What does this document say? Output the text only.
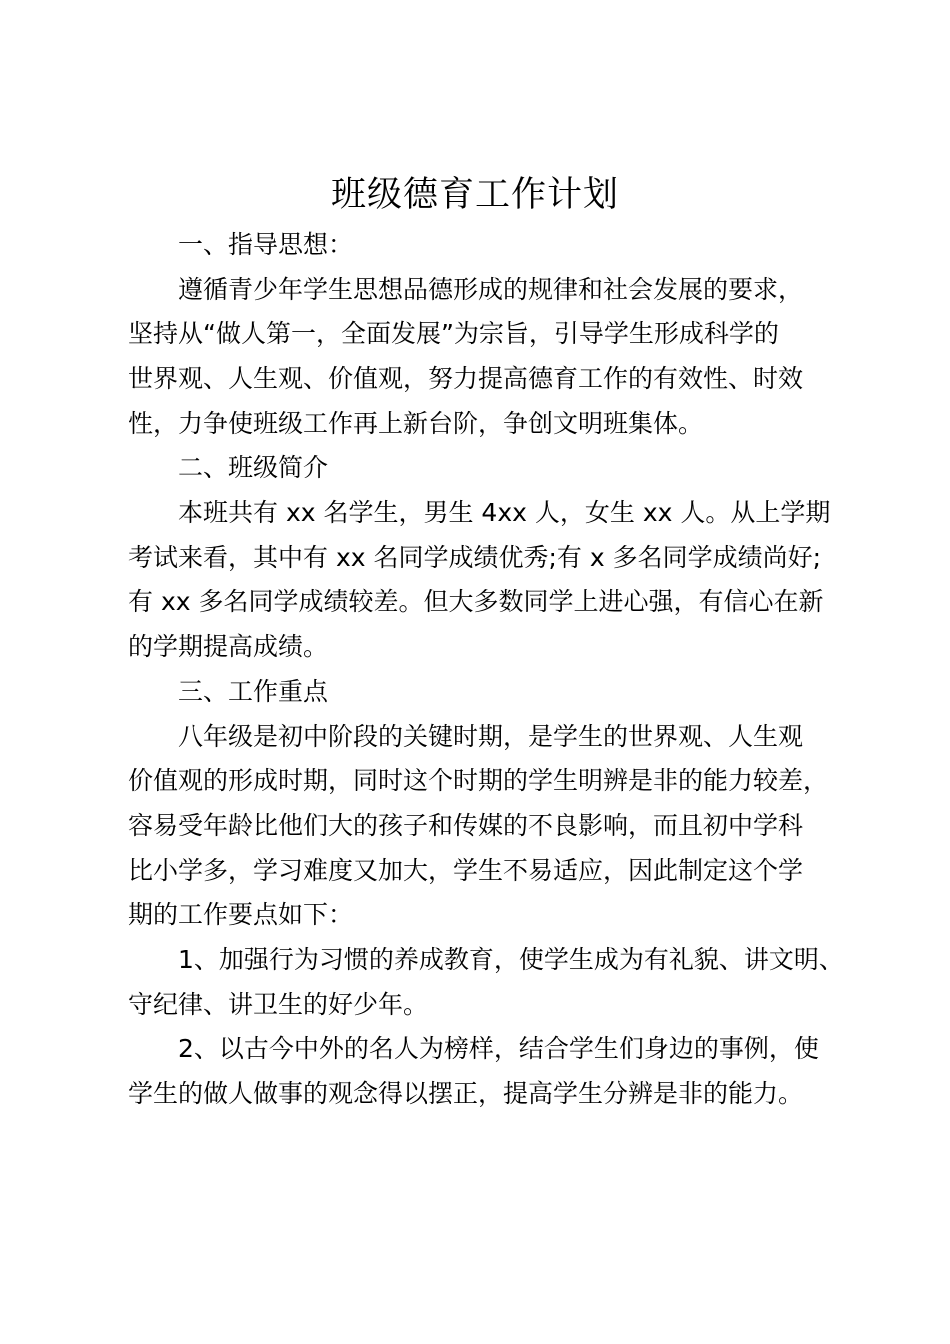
班级德育工作计划

一、指导思想：

遵循青少年学生思想品德形成的规律和社会发展的要求，

坚持从“做人第一，全面发展”为宗旨，引导学生形成科学的

世界观、人生观、价值观，努力提高德育工作的有效性、时效

性，力争使班级工作再上新台阶，争创文明班集体。

二、班级简介

本班共有 xx 名学生，男生 4xx 人，女生 xx 人。从上学期

考试来看，其中有 xx 名同学成绩优秀;有 x 多名同学成绩尚好;

有 xx 多名同学成绩较差。但大多数同学上进心强，有信心在新

的学期提高成绩。

三、工作重点

八年级是初中阶段的关键时期，是学生的世界观、人生观

价值观的形成时期，同时这个时期的学生明辨是非的能力较差，

容易受年龄比他们大的孩子和传媒的不良影响，而且初中学科

比小学多，学习难度又加大，学生不易适应，因此制定这个学

期的工作要点如下：

1、加强行为习惯的养成教育，使学生成为有礼貌、讲文明、

守纪律、讲卫生的好少年。

2、以古今中外的名人为榜样，结合学生们身边的事例，使

学生的做人做事的观念得以摆正，提高学生分辨是非的能力。
